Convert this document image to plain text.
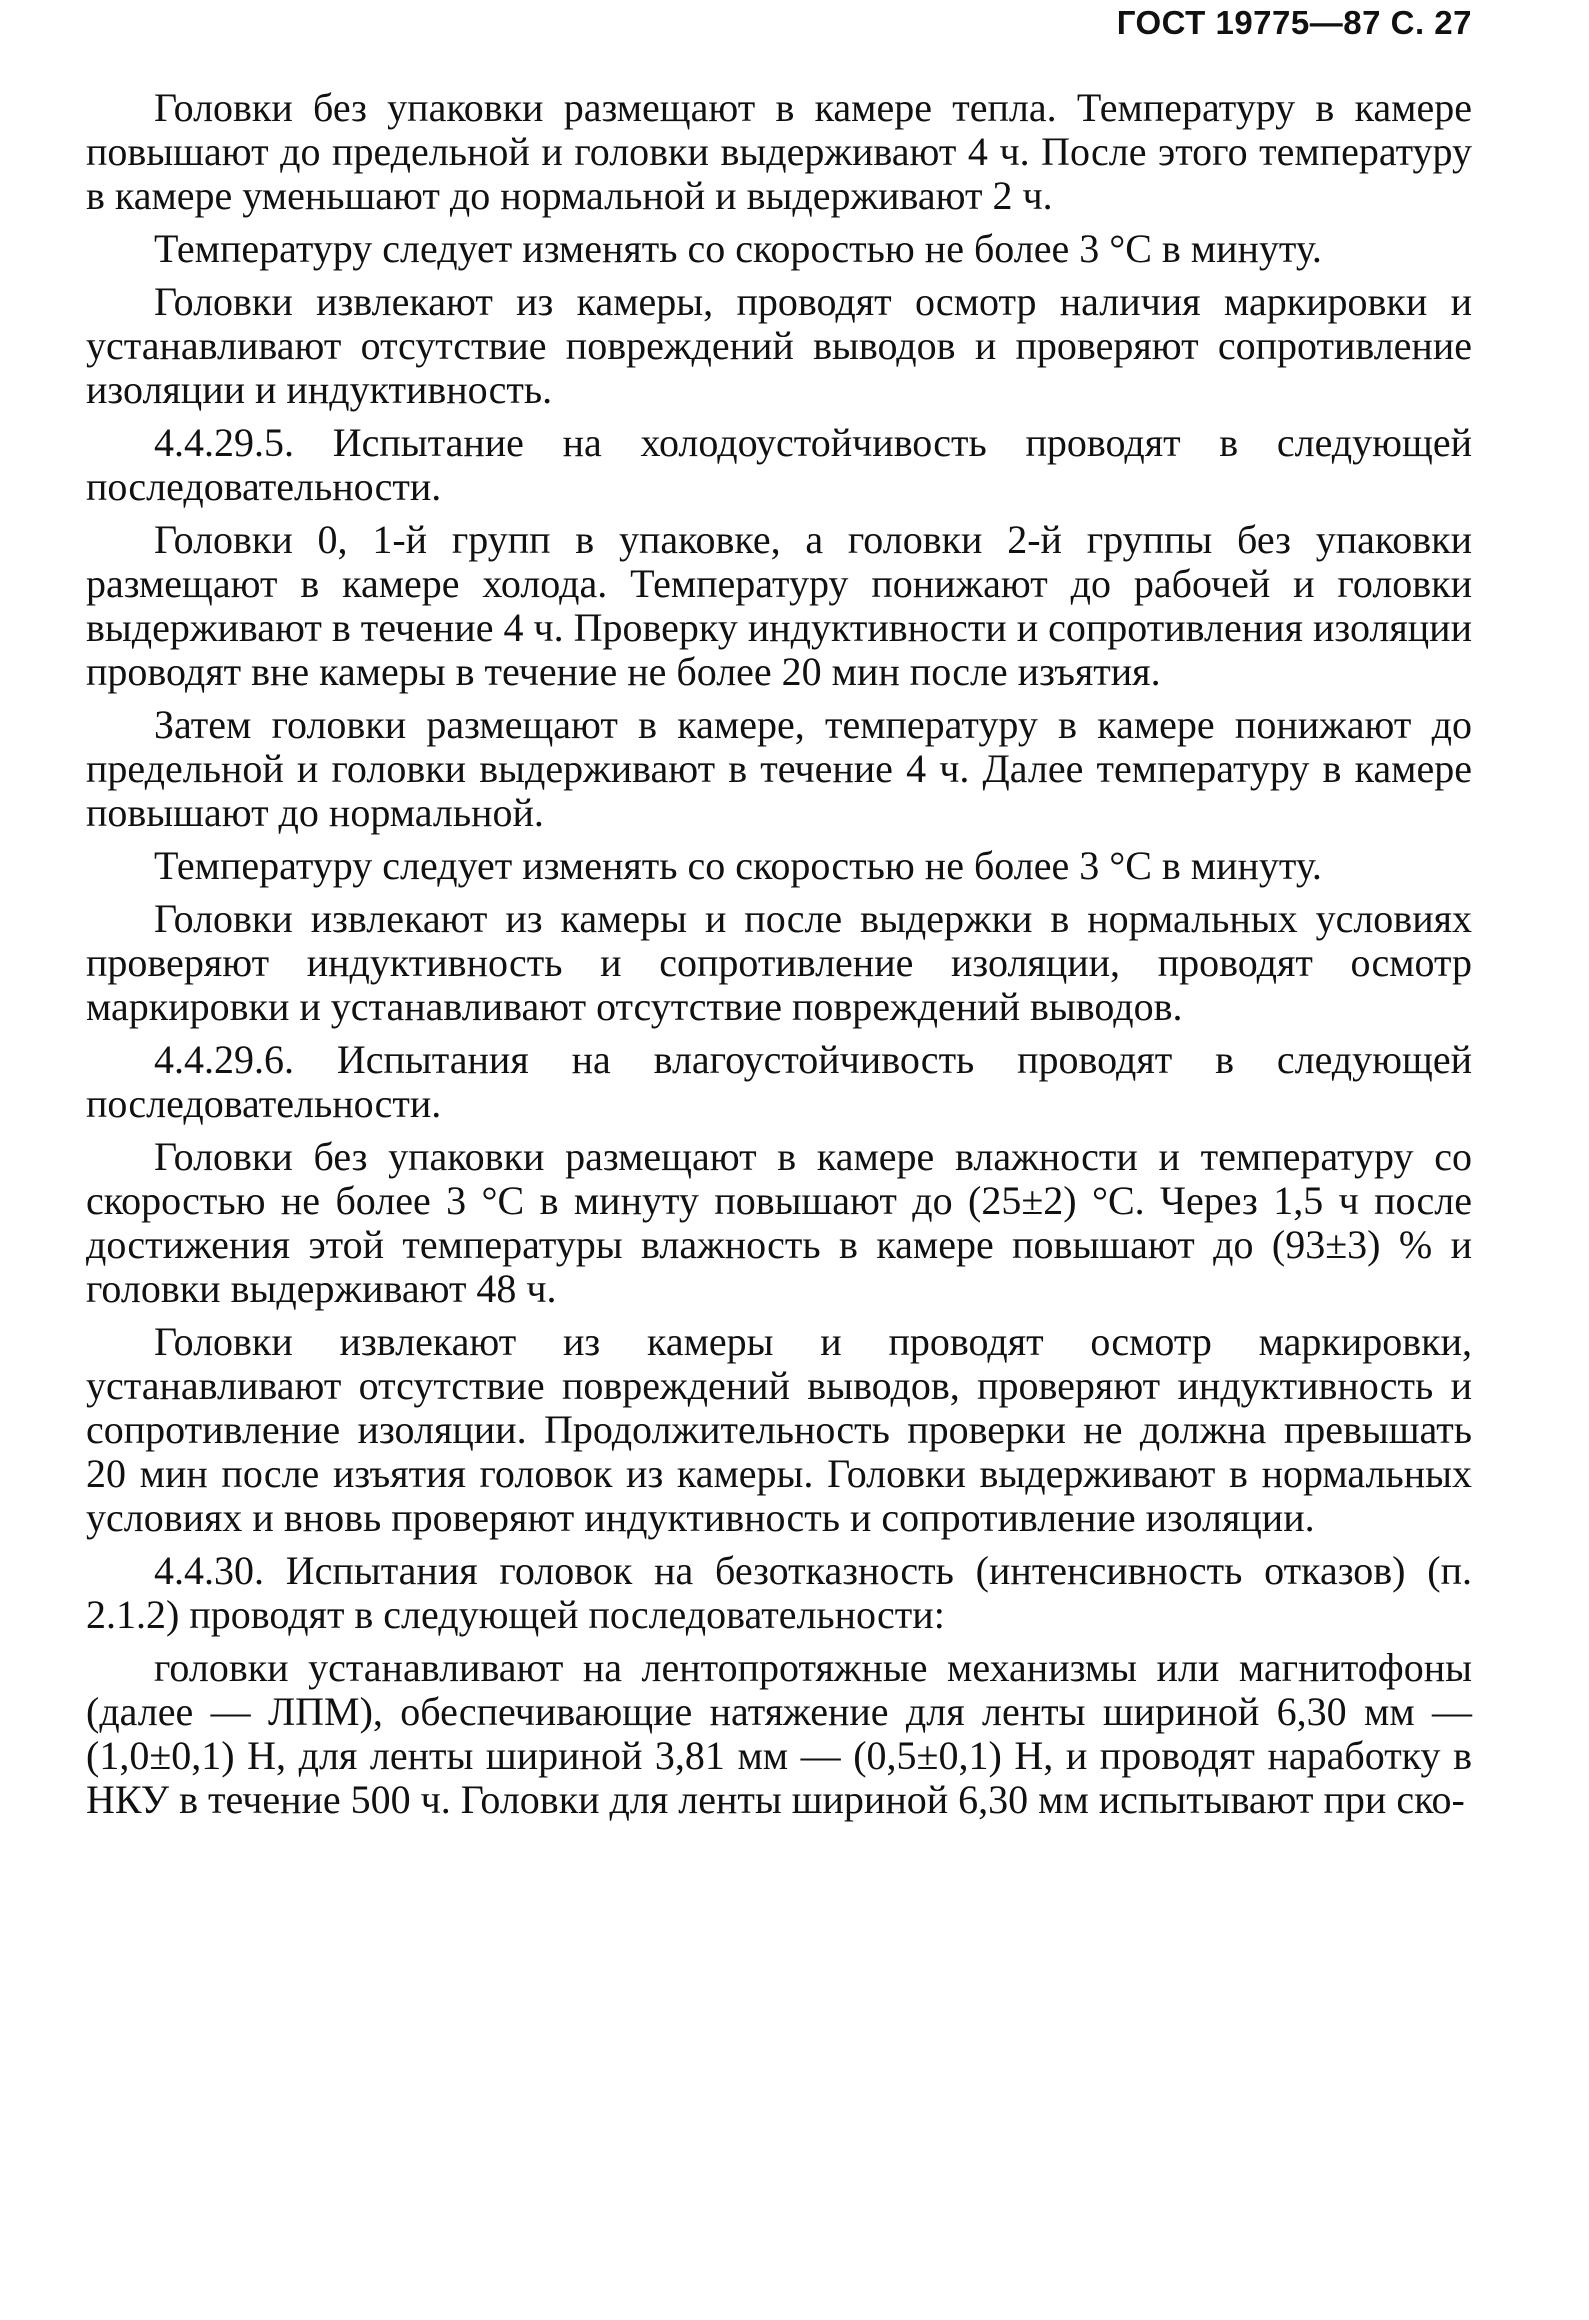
ГОСТ 19775—87 С. 27

Головки без упаковки размещают в камере тепла. Температуру в камере повышают до предельной и головки выдерживают 4 ч. После этого температуру в камере уменьшают до нормальной и выдерживают 2 ч.

Температуру следует изменять со скоростью не более 3 °С в минуту.

Головки извлекают из камеры, проводят осмотр наличия маркировки и устанавливают отсутствие повреждений выводов и проверяют сопротивление изоляции и индуктивность.

4.4.29.5. Испытание на холодоустойчивость проводят в следующей последовательности.

Головки 0, 1-й групп в упаковке, а головки 2-й группы без упаковки размещают в камере холода. Температуру понижают до рабочей и головки выдерживают в течение 4 ч. Проверку индуктивности и сопротивления изоляции проводят вне камеры в течение не более 20 мин после изъятия.

Затем головки размещают в камере, температуру в камере понижают до предельной и головки выдерживают в течение 4 ч. Далее температуру в камере повышают до нормальной.

Температуру следует изменять со скоростью не более 3 °С в минуту.

Головки извлекают из камеры и после выдержки в нормальных условиях проверяют индуктивность и сопротивление изоляции, проводят осмотр маркировки и устанавливают отсутствие повреждений выводов.

4.4.29.6. Испытания на влагоустойчивость проводят в следующей последовательности.

Головки без упаковки размещают в камере влажности и температуру со скоростью не более 3 °С в минуту повышают до (25±2) °С. Через 1,5 ч после достижения этой температуры влажность в камере повышают до (93±3) % и головки выдерживают 48 ч.

Головки извлекают из камеры и проводят осмотр маркировки, устанавливают отсутствие повреждений выводов, проверяют индуктивность и сопротивление изоляции. Продолжительность проверки не должна превышать 20 мин после изъятия головок из камеры. Головки выдерживают в нормальных условиях и вновь проверяют индуктивность и сопротивление изоляции.

4.4.30. Испытания головок на безотказность (интенсивность отказов) (п. 2.1.2) проводят в следующей последовательности:

головки устанавливают на лентопротяжные механизмы или магнитофоны (далее — ЛПМ), обеспечивающие натяжение для ленты шириной 6,30 мм — (1,0±0,1) Н, для ленты шириной 3,81 мм — (0,5±0,1) Н, и проводят наработку в НКУ в течение 500 ч. Головки для ленты шириной 6,30 мм испытывают при ско-
